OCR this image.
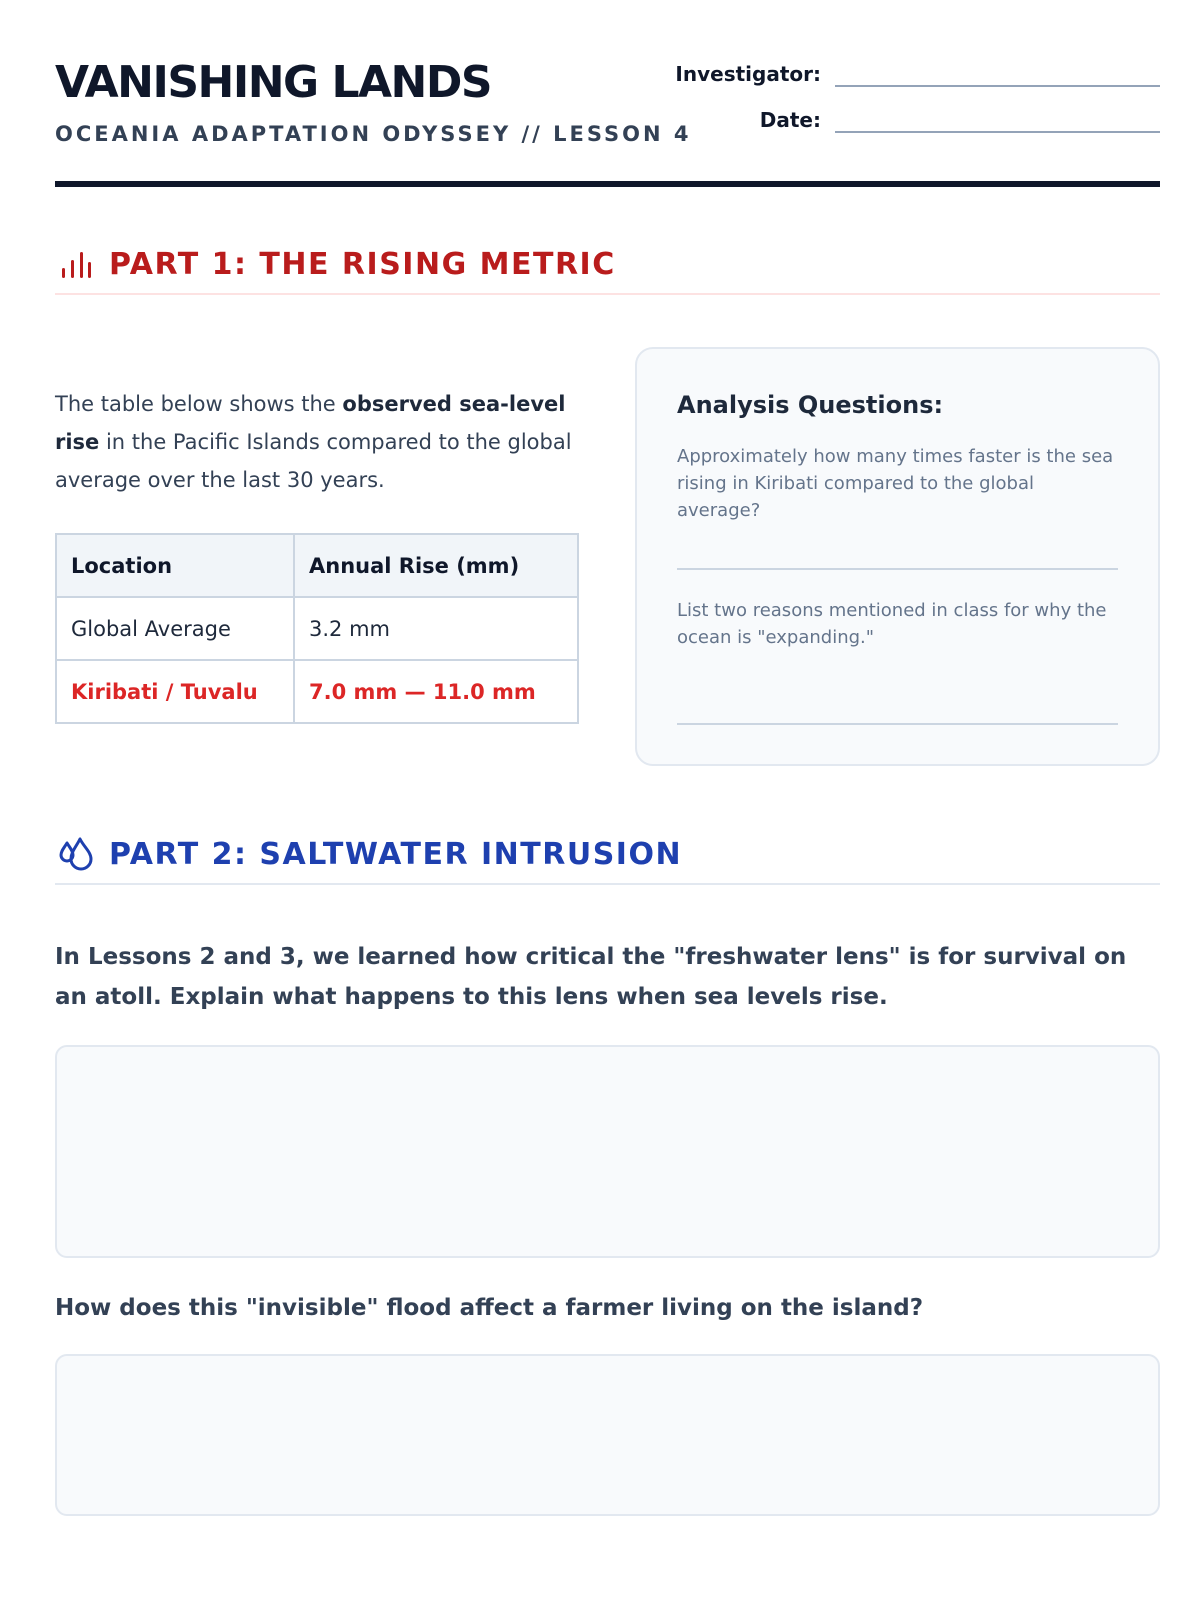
VANISHING LANDS
OCEANIA ADAPTATION ODYSSEY // LESSON 4
Investigator:
Date:
PART 1: THE RISING METRIC

The table below shows the observed sea-level rise in the Pacific Islands compared to the global average over the last 30 years.

Location	Annual Rise (mm)
Global Average	3.2 mm
Kiribati / Tuvalu	7.0 mm — 11.0 mm
Analysis Questions:
Approximately how many times faster is the sea rising in Kiribati compared to the global average?
List two reasons mentioned in class for why the ocean is "expanding."
PART 2: SALTWATER INTRUSION

In Lessons 2 and 3, we learned how critical the "freshwater lens" is for survival on an atoll. Explain what happens to this lens when sea levels rise.

How does this "invisible" flood affect a farmer living on the island?
